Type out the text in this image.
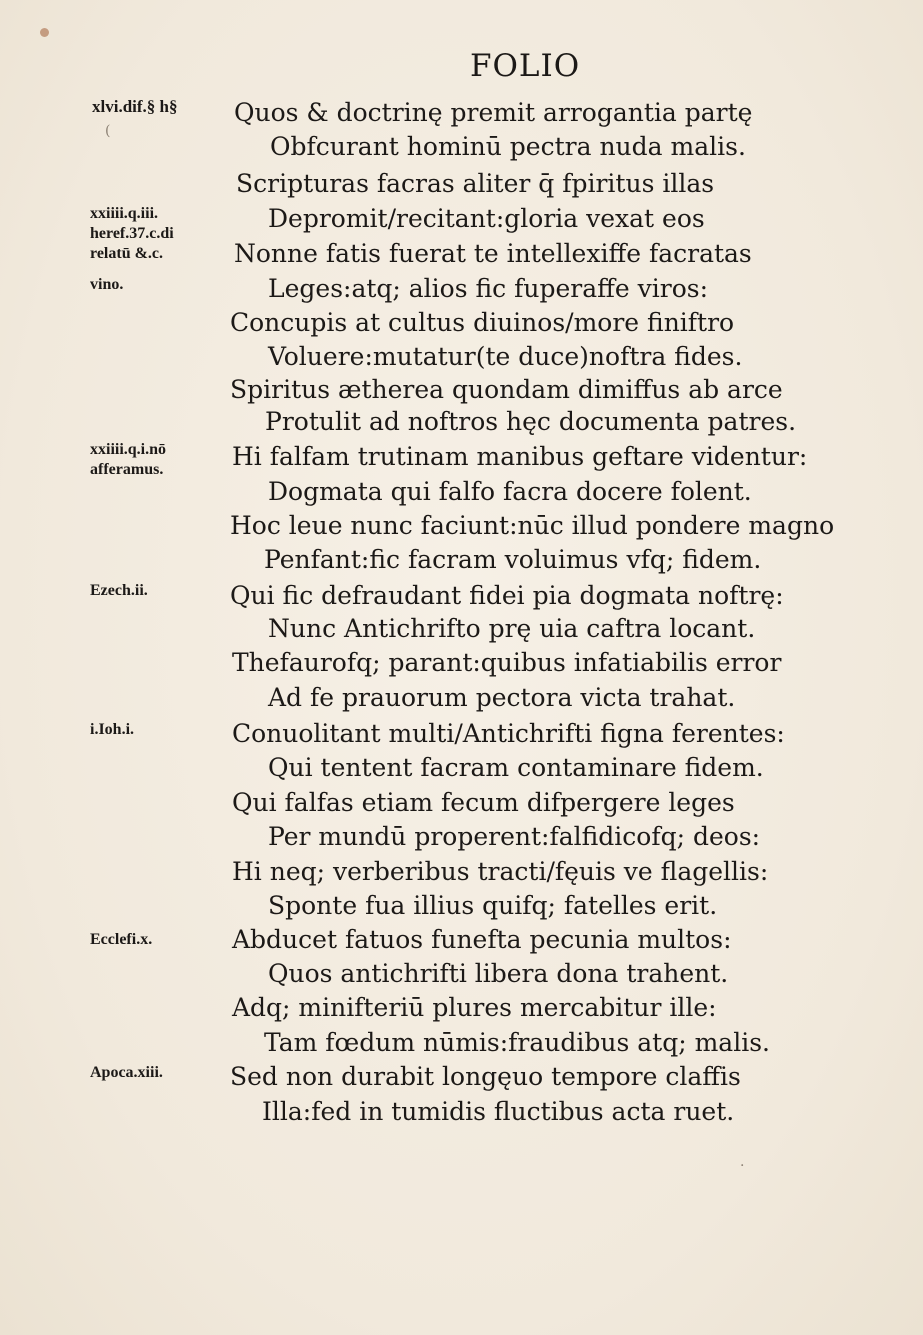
FOLIO
xlvi.dif.§ h§
(
xxiiii.q.iii.
heref.37.c.di
relatū &.c.
vino.
xxiiii.q.i.nō
afferamus.
Ezech.ii.
i.Ioh.i.
Ecclefi.x.
Apoca.xiii.
Quos & doctrinę premit arrogantia partę
Obfcurant hominū pectra nuda malis.
Scripturas facras aliter q̄ fpiritus illas
Depromit/recitant:gloria vexat eos
Nonne fatis fuerat te intellexiffe facratas
Leges:atq; alios fic fuperaffe viros:
Concupis at cultus diuinos/more finiftro
Voluere:mutatur(te duce)noftra fides.
Spiritus ætherea quondam dimiffus ab arce
Protulit ad noftros hęc documenta patres.
Hi falfam trutinam manibus geftare videntur:
Dogmata qui falfo facra docere folent.
Hoc leue nunc faciunt:nūc illud pondere magno
Penfant:fic facram voluimus vfq; fidem.
Qui fic defraudant fidei pia dogmata noftrę:
Nunc Antichrifto prę uia caftra locant.
Thefaurofq; parant:quibus infatiabilis error
Ad fe prauorum pectora victa trahat.
Conuolitant multi/Antichrifti figna ferentes:
Qui tentent facram contaminare fidem.
Qui falfas etiam fecum difpergere leges
Per mundū properent:falfidicofq; deos:
Hi neq; verberibus tracti/fęuis ve flagellis:
Sponte fua illius quifq; fatelles erit.
Abducet fatuos funefta pecunia multos:
Quos antichrifti libera dona trahent.
Adq; minifteriū plures mercabitur ille:
Tam fœdum nūmis:fraudibus atq; malis.
Sed non durabit longęuo tempore claffis
Illa:fed in tumidis fluctibus acta ruet.
·
